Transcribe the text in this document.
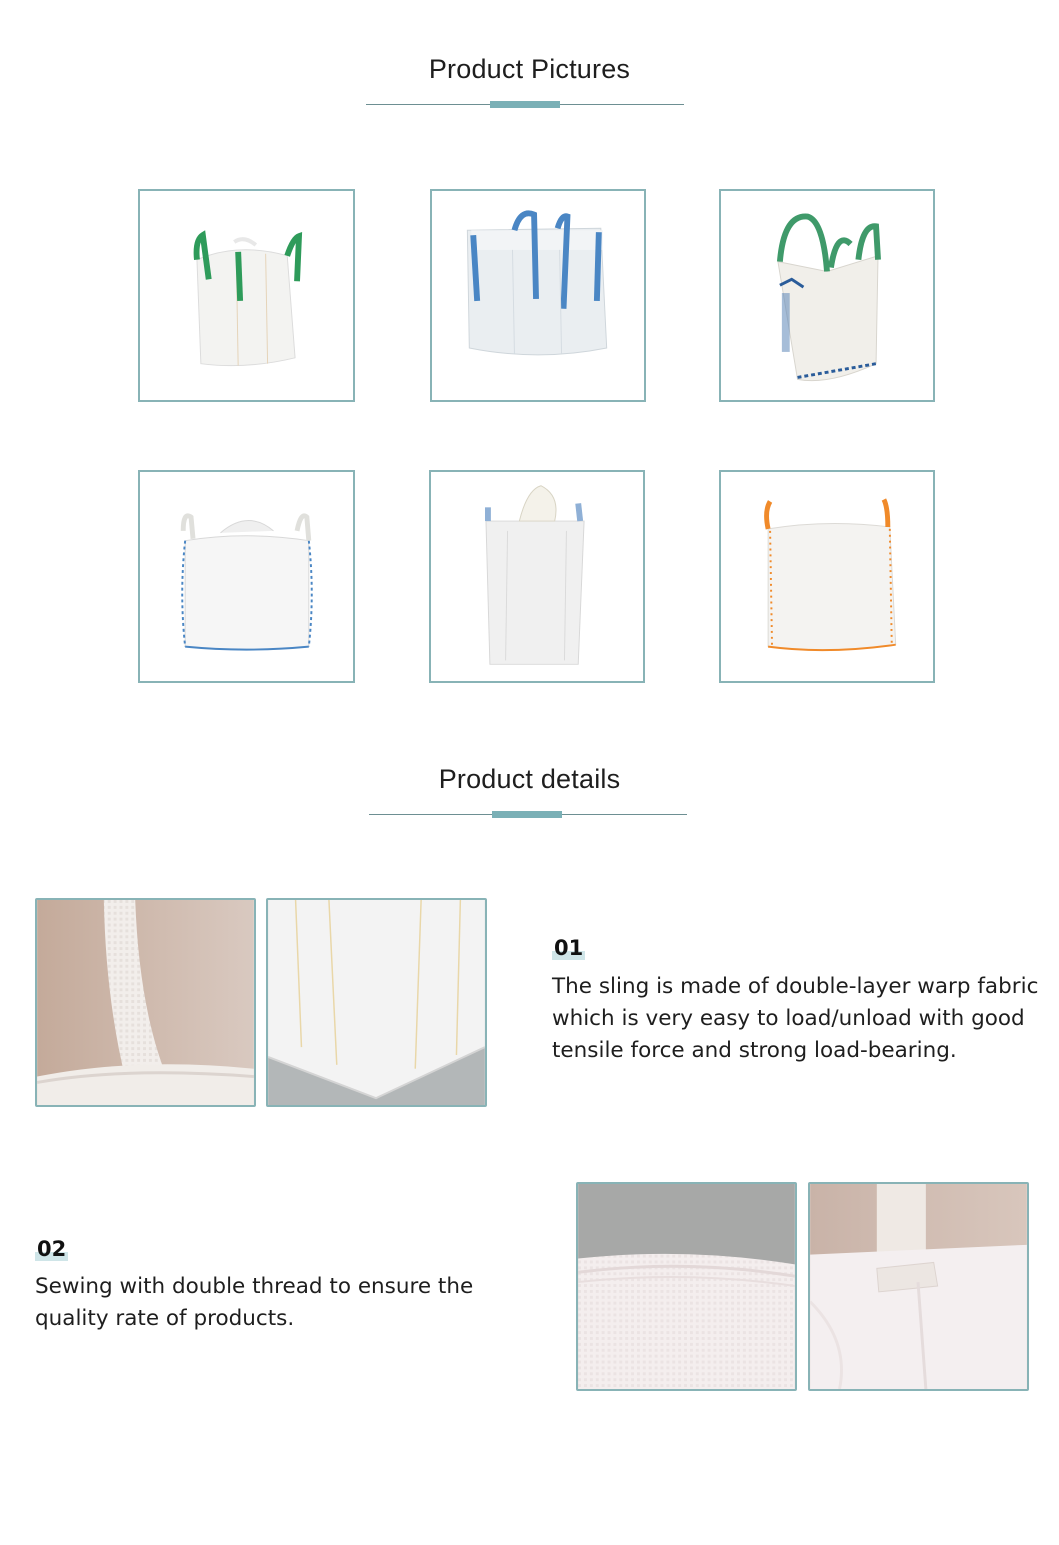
Product Pictures
Product details
01
The sling is made of double-layer warp fabric
which is very easy to load/unload with good
tensile force and strong load-bearing.
02
Sewing with double thread to ensure the
quality rate of products.
